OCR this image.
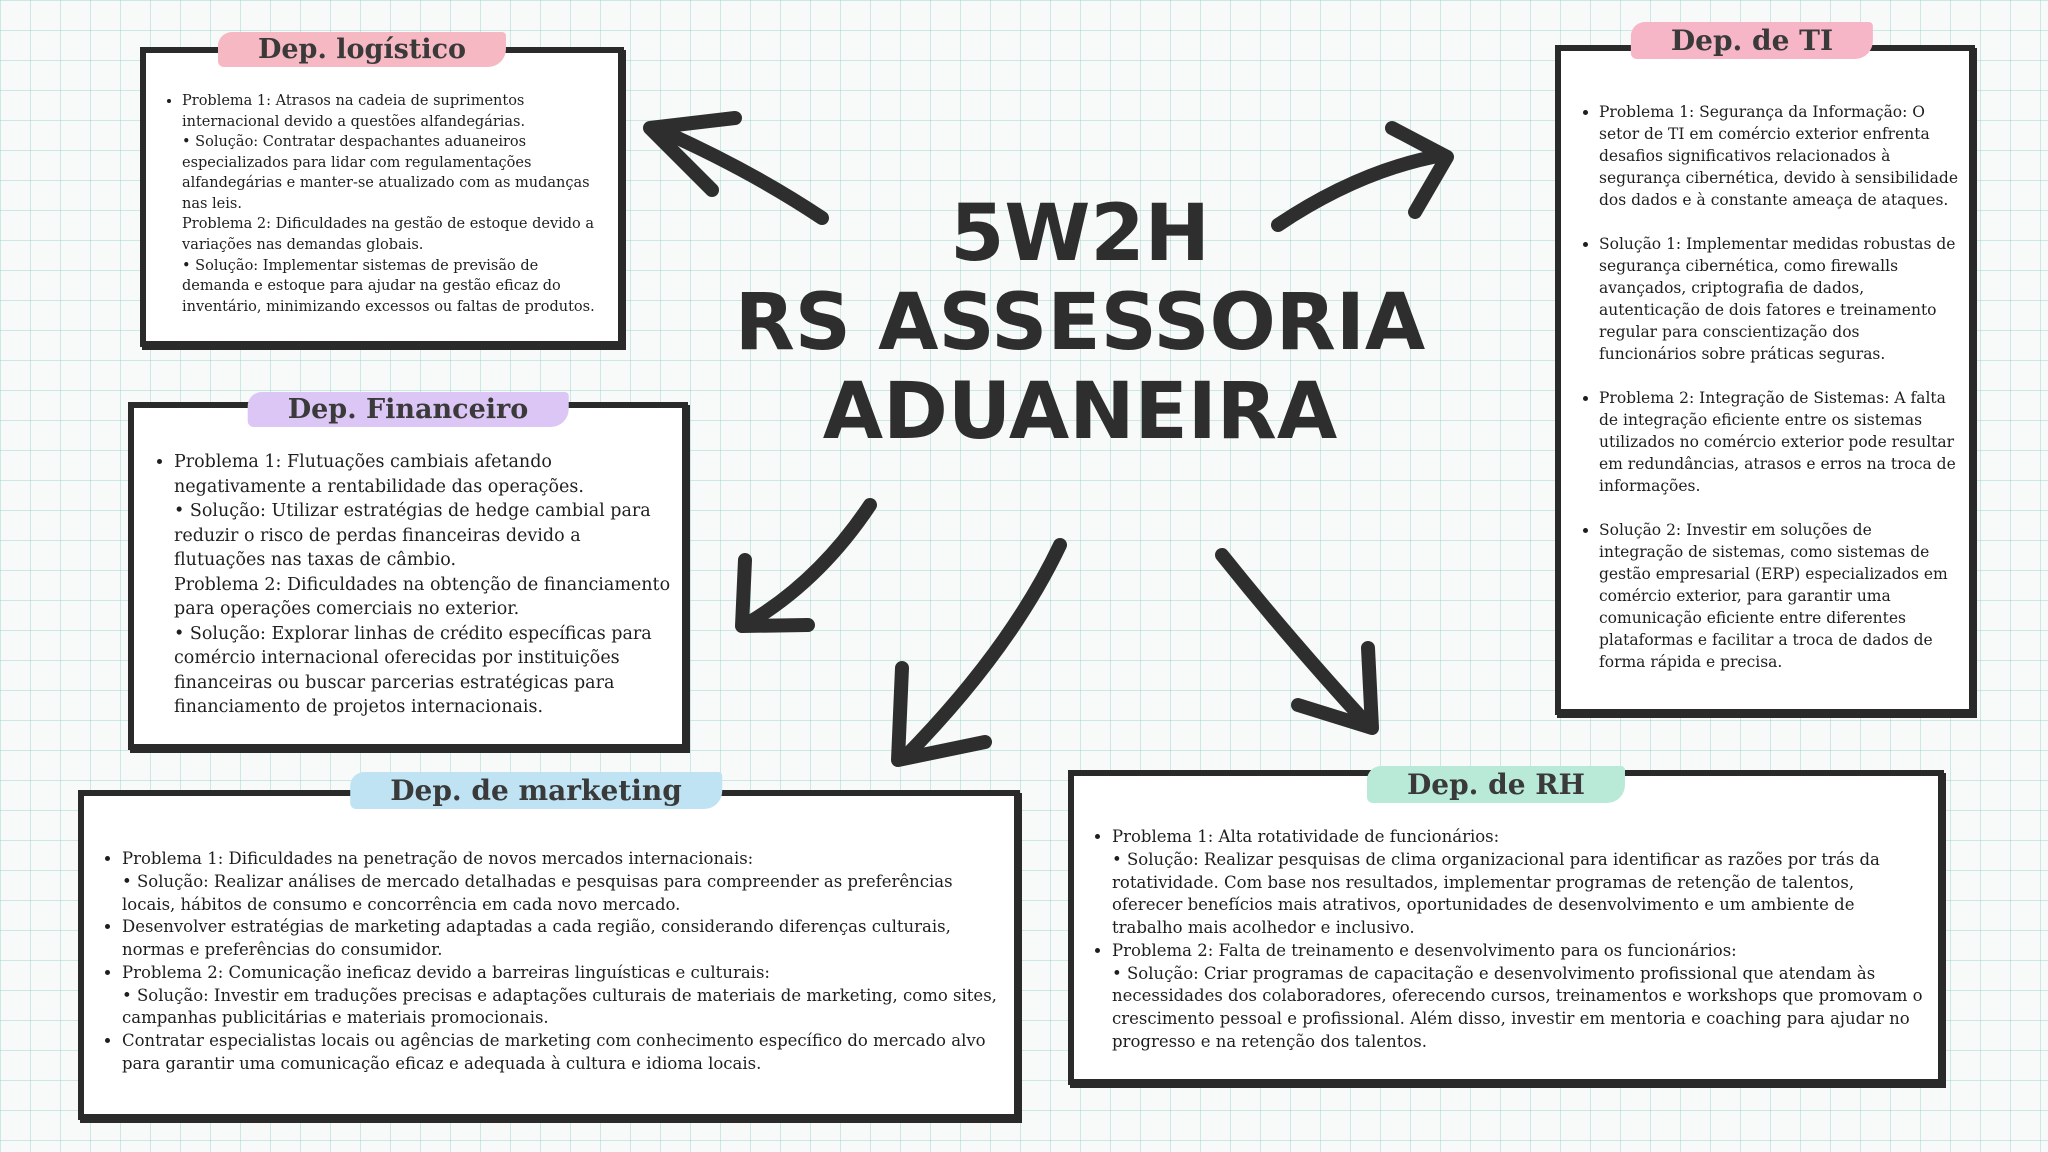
5W2H
RS ASSESSORIA
ADUANEIRA
• Problema 1: Atrasos na cadeia de suprimentos internacional devido a questões alfandegárias.
• Solução: Contratar despachantes aduaneiros especializados para lidar com regulamentações alfandegárias e manter-se atualizado com as mudanças nas leis.
Problema 2: Dificuldades na gestão de estoque devido a variações nas demandas globais.
• Solução: Implementar sistemas de previsão de demanda e estoque para ajudar na gestão eficaz do inventário, minimizando excessos ou faltas de produtos.
Dep. logístico
• Problema 1: Segurança da Informação: O setor de TI em comércio exterior enfrenta desafios significativos relacionados à segurança cibernética, devido à sensibilidade dos dados e à constante ameaça de ataques.
• Solução 1: Implementar medidas robustas de segurança cibernética, como firewalls avançados, criptografia de dados, autenticação de dois fatores e treinamento regular para conscientização dos funcionários sobre práticas seguras.
• Problema 2: Integração de Sistemas: A falta de integração eficiente entre os sistemas utilizados no comércio exterior pode resultar em redundâncias, atrasos e erros na troca de informações.
• Solução 2: Investir em soluções de integração de sistemas, como sistemas de gestão empresarial (ERP) especializados em comércio exterior, para garantir uma comunicação eficiente entre diferentes plataformas e facilitar a troca de dados de forma rápida e precisa.
Dep. de TI
• Problema 1: Flutuações cambiais afetando negativamente a rentabilidade das operações.
• Solução: Utilizar estratégias de hedge cambial para reduzir o risco de perdas financeiras devido a flutuações nas taxas de câmbio.
Problema 2: Dificuldades na obtenção de financiamento para operações comerciais no exterior.
• Solução: Explorar linhas de crédito específicas para comércio internacional oferecidas por instituições financeiras ou buscar parcerias estratégicas para financiamento de projetos internacionais.
Dep. Financeiro
• Problema 1: Dificuldades na penetração de novos mercados internacionais:
• Solução: Realizar análises de mercado detalhadas e pesquisas para compreender as preferências locais, hábitos de consumo e concorrência em cada novo mercado.
• Desenvolver estratégias de marketing adaptadas a cada região, considerando diferenças culturais, normas e preferências do consumidor.
• Problema 2: Comunicação ineficaz devido a barreiras linguísticas e culturais:
• Solução: Investir em traduções precisas e adaptações culturais de materiais de marketing, como sites, campanhas publicitárias e materiais promocionais.
• Contratar especialistas locais ou agências de marketing com conhecimento específico do mercado alvo para garantir uma comunicação eficaz e adequada à cultura e idioma locais.
Dep. de marketing
• Problema 1: Alta rotatividade de funcionários:
• Solução: Realizar pesquisas de clima organizacional para identificar as razões por trás da rotatividade. Com base nos resultados, implementar programas de retenção de talentos, oferecer benefícios mais atrativos, oportunidades de desenvolvimento e um ambiente de trabalho mais acolhedor e inclusivo.
• Problema 2: Falta de treinamento e desenvolvimento para os funcionários:
• Solução: Criar programas de capacitação e desenvolvimento profissional que atendam às necessidades dos colaboradores, oferecendo cursos, treinamentos e workshops que promovam o crescimento pessoal e profissional. Além disso, investir em mentoria e coaching para ajudar no progresso e na retenção dos talentos.
Dep. de RH
